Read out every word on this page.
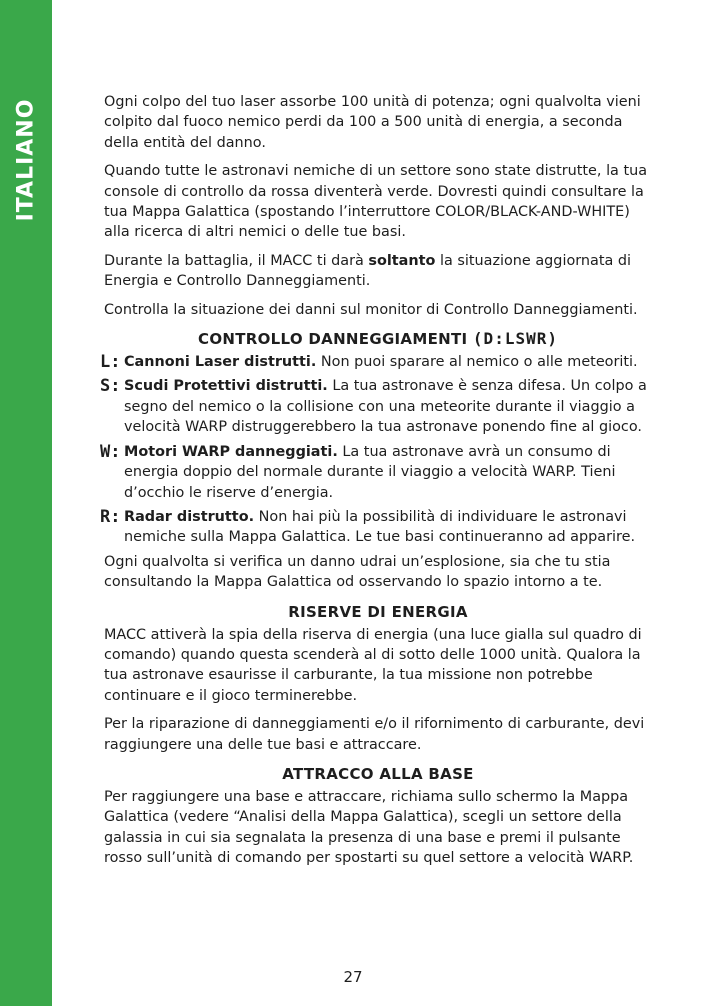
ITALIANO	Ogni colpo del tuo laser assorbe 100 unità di potenza; ogni qualvolta vieni colpito dal fuoco nemico perdi da 100 a 500 unità di energia, a seconda della entità del danno.

Quando tutte le astronavi nemiche di un settore sono state distrutte, la tua console di controllo da rossa diventerà verde. Dovresti quindi consultare la tua Mappa Galattica (spostando l’interruttore COLOR/BLACK-AND-WHITE) alla ricerca di altri nemici o delle tue basi.

Durante la battaglia, il MACC ti darà soltanto la situazione aggiornata di Energia e Controllo Danneggiamenti.

Controlla la situazione dei danni sul monitor di Controllo Danneggiamenti.

CONTROLLO DANNEGGIAMENTI (D:LSWR)
L: Cannoni Laser distrutti. Non puoi sparare al nemico o alle meteoriti.
S: Scudi Protettivi distrutti. La tua astronave è senza difesa. Un colpo a segno del nemico o la collisione con una meteorite durante il viaggio a velocità WARP distruggerebbero la tua astronave ponendo fine al gioco.
W: Motori WARP danneggiati. La tua astronave avrà un consumo di energia doppio del normale durante il viaggio a velocità WARP. Tieni d’occhio le riserve d’energia.
R: Radar distrutto. Non hai più la possibilità di individuare le astronavi nemiche sulla Mappa Galattica. Le tue basi continueranno ad apparire.

Ogni qualvolta si verifica un danno udrai un’esplosione, sia che tu stia consultando la Mappa Galattica od osservando lo spazio intorno a te.

RISERVE DI ENERGIA

MACC attiverà la spia della riserva di energia (una luce gialla sul quadro di comando) quando questa scenderà al di sotto delle 1000 unità. Qualora la tua astronave esaurisse il carburante, la tua missione non potrebbe continuare e il gioco terminerebbe.

Per la riparazione di danneggiamenti e/o il rifornimento di carburante, devi raggiungere una delle tue basi e attraccare.

ATTRACCO ALLA BASE

Per raggiungere una base e attraccare, richiama sullo schermo la Mappa Galattica (vedere “Analisi della Mappa Galattica), scegli un settore della galassia in cui sia segnalata la presenza di una base e premi il pulsante rosso sull’unità di comando per spostarti su quel settore a velocità WARP.

27
